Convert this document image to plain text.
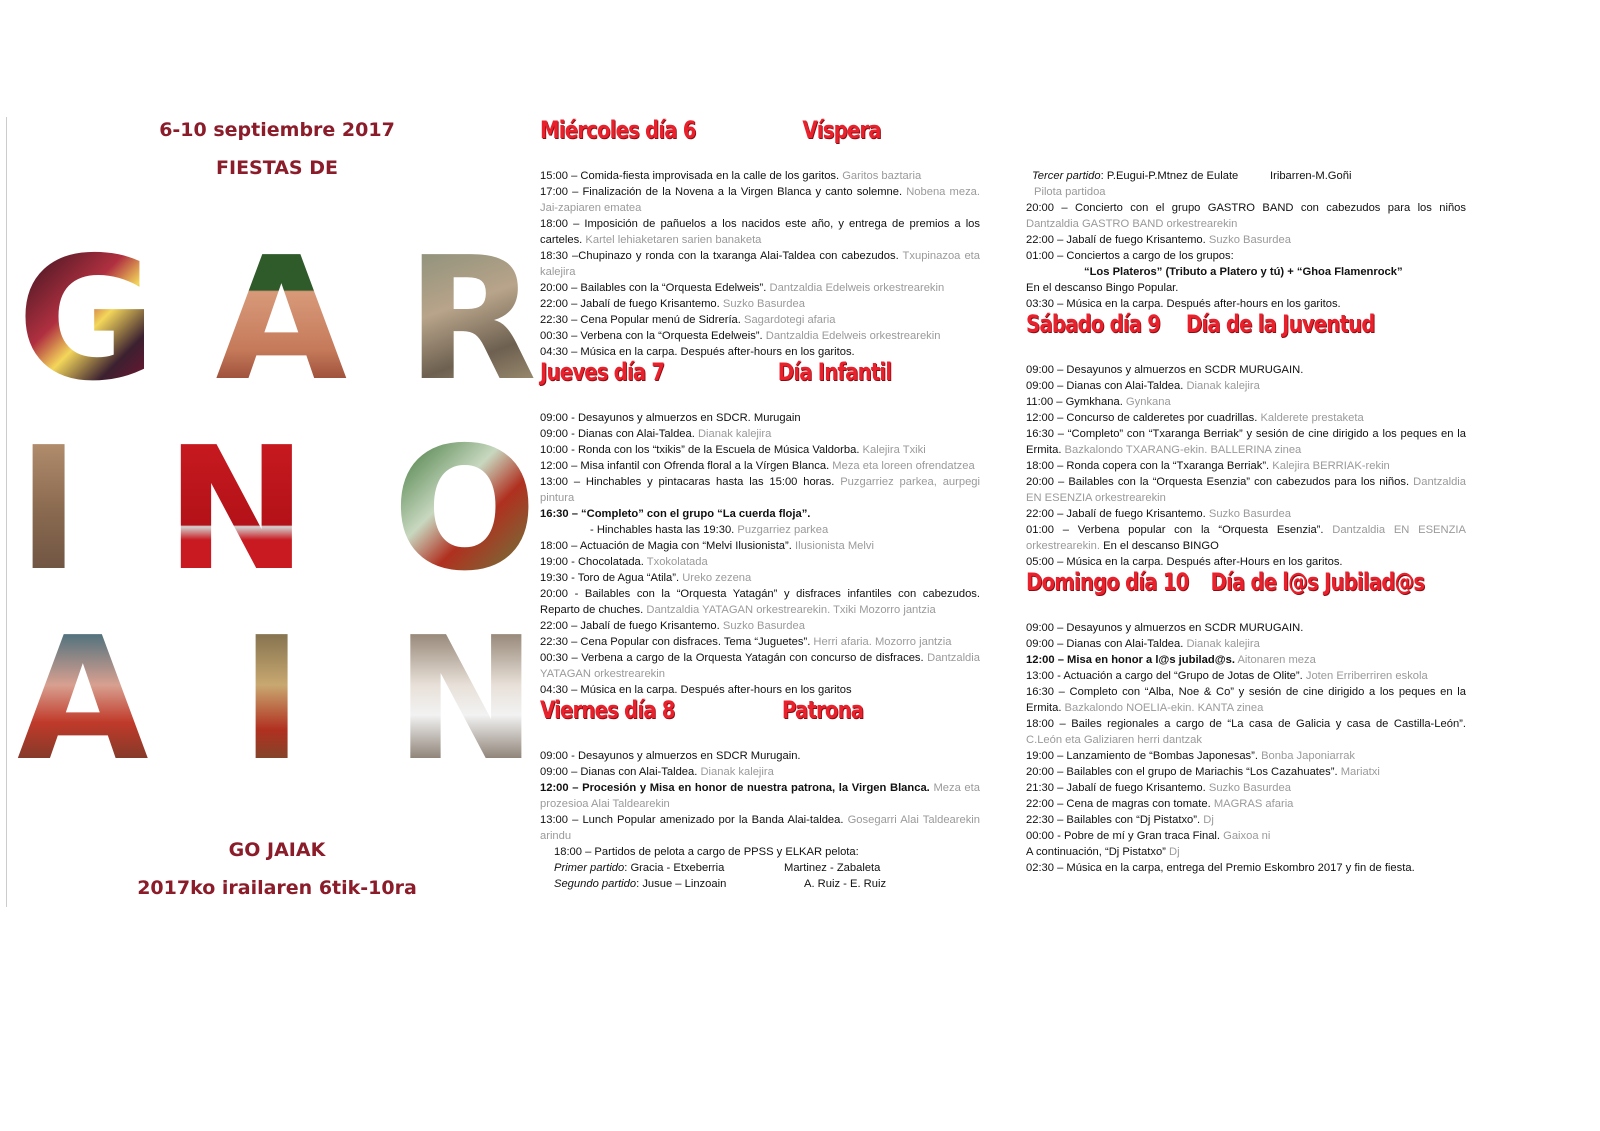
6-10 septiembre 2017
FIESTAS DE
G A R
I N O
A I N
GO JAIAK
2017ko irailaren 6tik-10ra
Miércoles día 6	Víspera

15:00 – Comida-fiesta improvisada en la calle de los garitos. Garitos baztaria

17:00 – Finalización de la Novena a la Virgen Blanca y canto solemne. Nobena meza. Jai-zapiaren ematea

18:00 – Imposición de pañuelos a los nacidos este año, y entrega de premios a los carteles. Kartel lehiaketaren sarien banaketa

18:30 –Chupinazo y ronda con la txaranga Alai-Taldea con cabezudos. Txupinazoa eta kalejira

20:00 – Bailables con la “Orquesta Edelweis”. Dantzaldia Edelweis orkestrearekin

22:00 – Jabalí de fuego Krisantemo. Suzko Basurdea

22:30 – Cena Popular menú de Sidrería. Sagardotegi afaria

00:30 – Verbena con la “Orquesta Edelweis”. Dantzaldia Edelweis orkestrearekin

04:30 – Música en la carpa. Después after-hours en los garitos.

Jueves día 7	Día Infantil

09:00 - Desayunos y almuerzos en SDCR. Murugain

09:00 - Dianas con Alai-Taldea. Dianak kalejira

10:00 - Ronda con los “txikis” de la Escuela de Música Valdorba. Kalejira Txiki

12:00 – Misa infantil con Ofrenda floral a la Vírgen Blanca. Meza eta loreen ofrendatzea

13:00 – Hinchables y pintacaras hasta las 15:00 horas. Puzgarriez parkea, aurpegi pintura

16:30 – “Completo” con el grupo “La cuerda floja”.

- Hinchables hasta las 19:30. Puzgarriez parkea

18:00 – Actuación de Magia con “Melvi Ilusionista”. Ilusionista Melvi

19:00 - Chocolatada. Txokolatada

19:30 - Toro de Agua “Atila”. Ureko zezena

20:00 - Bailables con la “Orquesta Yatagán” y disfraces infantiles con cabezudos. Reparto de chuches. Dantzaldia YATAGAN orkestrearekin. Txiki Mozorro jantzia

22:00 – Jabalí de fuego Krisantemo. Suzko Basurdea

22:30 – Cena Popular con disfraces. Tema “Juguetes”. Herri afaria. Mozorro jantzia

00:30 – Verbena a cargo de la Orquesta Yatagán con concurso de disfraces. Dantzaldia YATAGAN orkestrearekin

04:30 – Música en la carpa. Después after-hours en los garitos

Viernes día 8	Patrona

09:00 - Desayunos y almuerzos en SDCR Murugain.

09:00 – Dianas con Alai-Taldea. Dianak kalejira

12:00 – Procesión y Misa en honor de nuestra patrona, la Virgen Blanca. Meza eta prozesioa Alai Taldearekin

13:00 – Lunch Popular amenizado por la Banda Alai-taldea. Gosegarri Alai Taldearekin arindu

18:00 – Partidos de pelota a cargo de PPSS y ELKAR pelota:

Primer partido: Gracia - Etxeberria	Martinez - Zabaleta

Segundo partido: Jusue – Linzoain	A. Ruiz - E. Ruiz

Tercer partido: P.Eugui-P.Mtnez de Eulate	Iribarren-M.Goñi

Pilota partidoa

20:00 – Concierto con el grupo GASTRO BAND con cabezudos para los niños Dantzaldia GASTRO BAND orkestrearekin

22:00 – Jabalí de fuego Krisantemo. Suzko Basurdea

01:00 – Conciertos a cargo de los grupos:

“Los Plateros” (Tributo a Platero y tú) + “Ghoa Flamenrock”

En el descanso Bingo Popular.

03:30 – Música en la carpa. Después after-hours en los garitos.

Sábado día 9 Día de la Juventud

09:00 – Desayunos y almuerzos en SCDR MURUGAIN.

09:00 – Dianas con Alai-Taldea. Dianak kalejira

11:00 – Gymkhana. Gynkana

12:00 – Concurso de calderetes por cuadrillas. Kalderete prestaketa

16:30 – “Completo” con “Txaranga Berriak” y sesión de cine dirigido a los peques en la Ermita. Bazkalondo TXARANG-ekin. BALLERINA zinea

18:00 – Ronda copera con la “Txaranga Berriak”. Kalejira BERRIAK-rekin

20:00 – Bailables con la “Orquesta Esenzia” con cabezudos para los niños. Dantzaldia EN ESENZIA orkestrearekin

22:00 – Jabalí de fuego Krisantemo. Suzko Basurdea

01:00 – Verbena popular con la “Orquesta Esenzia”. Dantzaldia EN ESENZIA orkestrearekin. En el descanso BINGO

05:00 – Música en la carpa. Después after-Hours en los garitos.

Domingo día 10 Día de l@s Jubilad@s

09:00 – Desayunos y almuerzos en SCDR MURUGAIN.

09:00 – Dianas con Alai-Taldea. Dianak kalejira

12:00 – Misa en honor a l@s jubilad@s. Aitonaren meza

13:00 - Actuación a cargo del “Grupo de Jotas de Olite”. Joten Erriberriren eskola

16:30 – Completo con “Alba, Noe & Co” y sesión de cine dirigido a los peques en la Ermita. Bazkalondo NOELIA-ekin. KANTA zinea

18:00 – Bailes regionales a cargo de “La casa de Galicia y casa de Castilla-León”. C.León eta Galiziaren herri dantzak

19:00 – Lanzamiento de “Bombas Japonesas”. Bonba Japoniarrak

20:00 – Bailables con el grupo de Mariachis “Los Cazahuates”. Mariatxi

21:30 – Jabalí de fuego Krisantemo. Suzko Basurdea

22:00 – Cena de magras con tomate. MAGRAS afaria

22:30 – Bailables con “Dj Pistatxo”. Dj

00:00 - Pobre de mí y Gran traca Final. Gaixoa ni

A continuación, “Dj Pistatxo” Dj

02:30 – Música en la carpa, entrega del Premio Eskombro 2017 y fin de fiesta.
